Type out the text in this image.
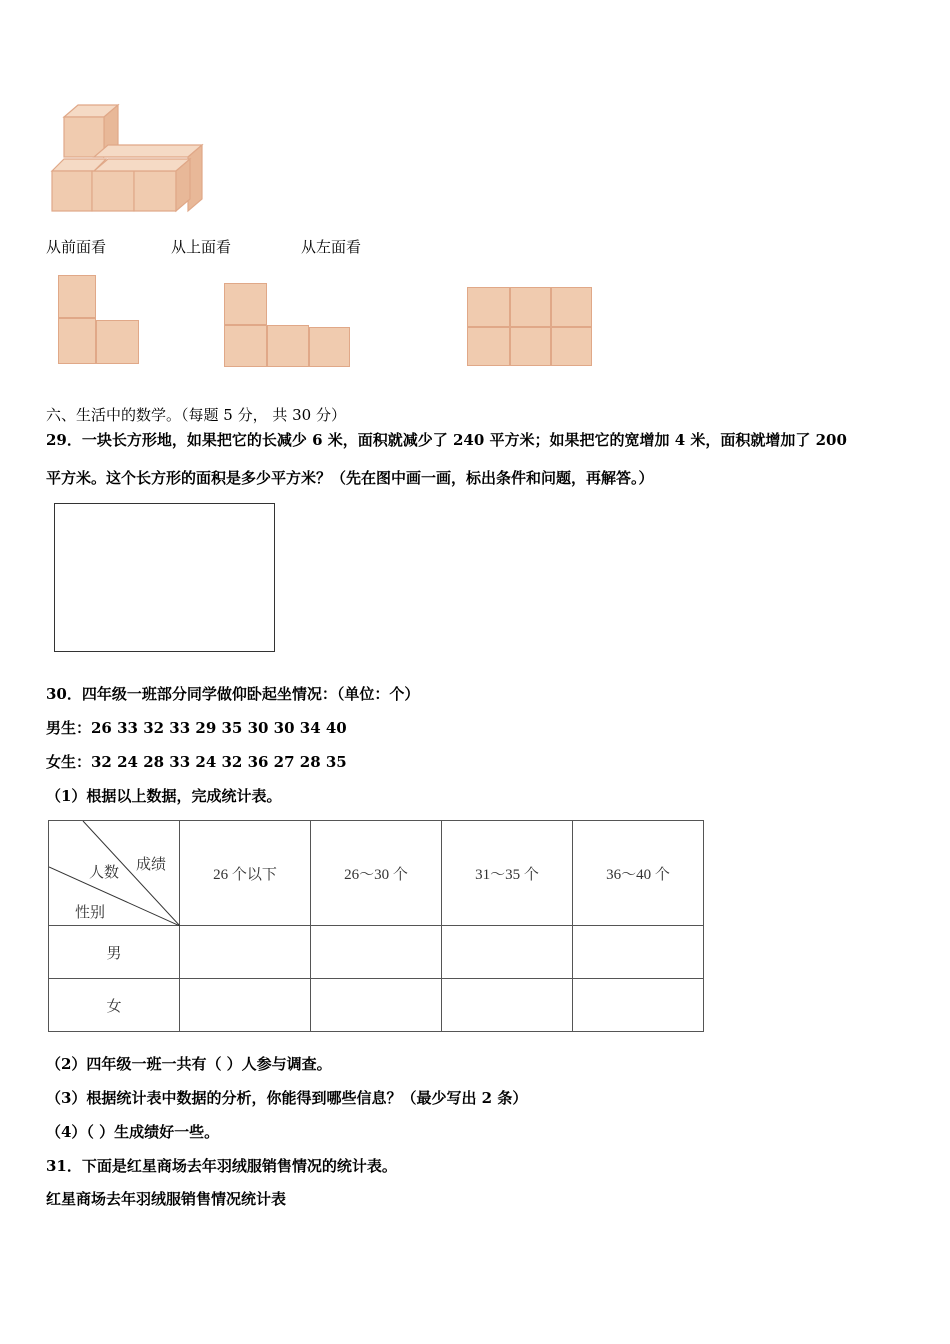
从前面看	从上面看	从左面看
六、生活中的数学。（每题 5 分， 共 30 分）
29．一块长方形地，如果把它的长减少 6 米，面积就减少了 240 平方米；如果把它的宽增加 4 米，面积就增加了 200
平方米。这个长方形的面积是多少平方米？（先在图中画一画，标出条件和问题，再解答。）
30．四年级一班部分同学做仰卧起坐情况：（单位：个）
男生：26 33 32 33 29 35 30 30 34 40
女生：32 24 28 33 24 32 36 27 28 35
（1）根据以上数据，完成统计表。
成绩
人数
性别	26 个以下	26～30 个	31～35 个	36～40 个
男				
女				
（2）四年级一班一共有（ ）人参与调查。
（3）根据统计表中数据的分析，你能得到哪些信息？（最少写出 2 条）
（4）（ ）生成绩好一些。
31．下面是红星商场去年羽绒服销售情况的统计表。
红星商场去年羽绒服销售情况统计表
